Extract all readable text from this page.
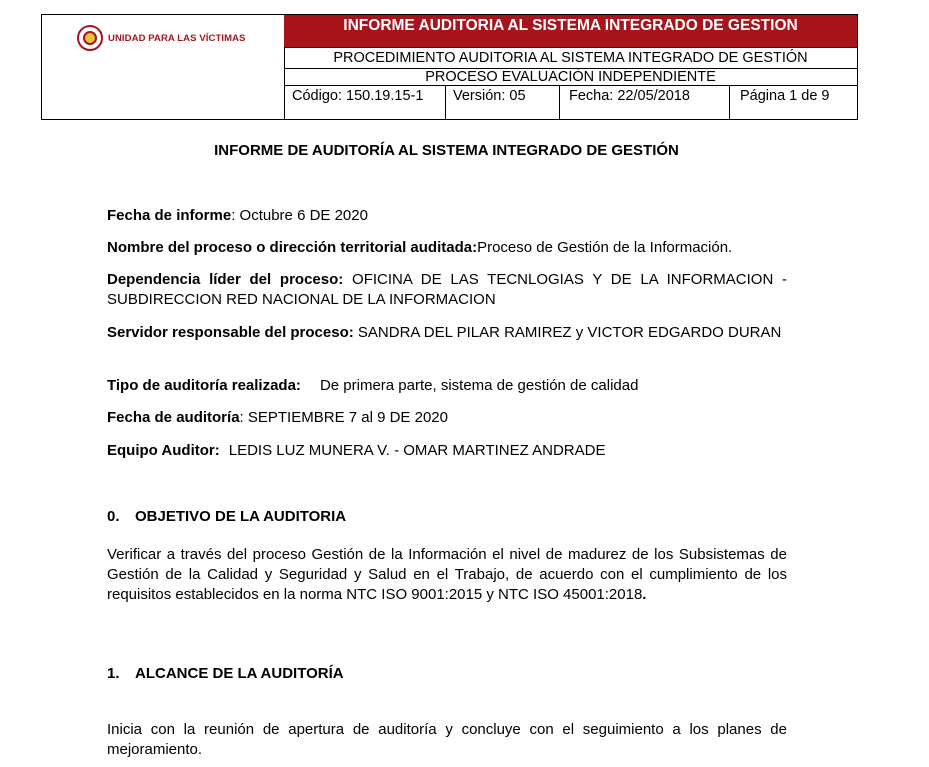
UNIDAD PARA LAS VÍCTIMAS
INFORME AUDITORIA AL SISTEMA INTEGRADO DE GESTION
PROCEDIMIENTO AUDITORIA AL SISTEMA INTEGRADO DE GESTIÓN
PROCESO EVALUACIÒN INDEPENDIENTE
Código: 150.19.15-1	Versión: 05	Fecha: 22/05/2018	Página 1 de 9
INFORME DE AUDITORÍA AL SISTEMA INTEGRADO DE GESTIÓN
Fecha de informe: Octubre 6 DE 2020
Nombre del proceso o dirección territorial auditada:Proceso de Gestión de la Información.
Dependencia líder del proceso: OFICINA DE LAS TECNLOGIAS Y DE LA INFORMACION - SUBDIRECCION RED NACIONAL DE LA INFORMACION
Servidor responsable del proceso: SANDRA DEL PILAR RAMIREZ y VICTOR EDGARDO DURAN
Tipo de auditoría realizada: De primera parte, sistema de gestión de calidad
Fecha de auditoría: SEPTIEMBRE 7 al 9 DE 2020
Equipo Auditor: LEDIS LUZ MUNERA V. - OMAR MARTINEZ ANDRADE
0. OBJETIVO DE LA AUDITORIA
Verificar a través del proceso Gestión de la Información el nivel de madurez de los Subsistemas de Gestión de la Calidad y Seguridad y Salud en el Trabajo, de acuerdo con el cumplimiento de los requisitos establecidos en la norma NTC ISO 9001:2015 y NTC ISO 45001:2018.
1. ALCANCE DE LA AUDITORÍA
Inicia con la reunión de apertura de auditoría y concluye con el seguimiento a los planes de mejoramiento.
